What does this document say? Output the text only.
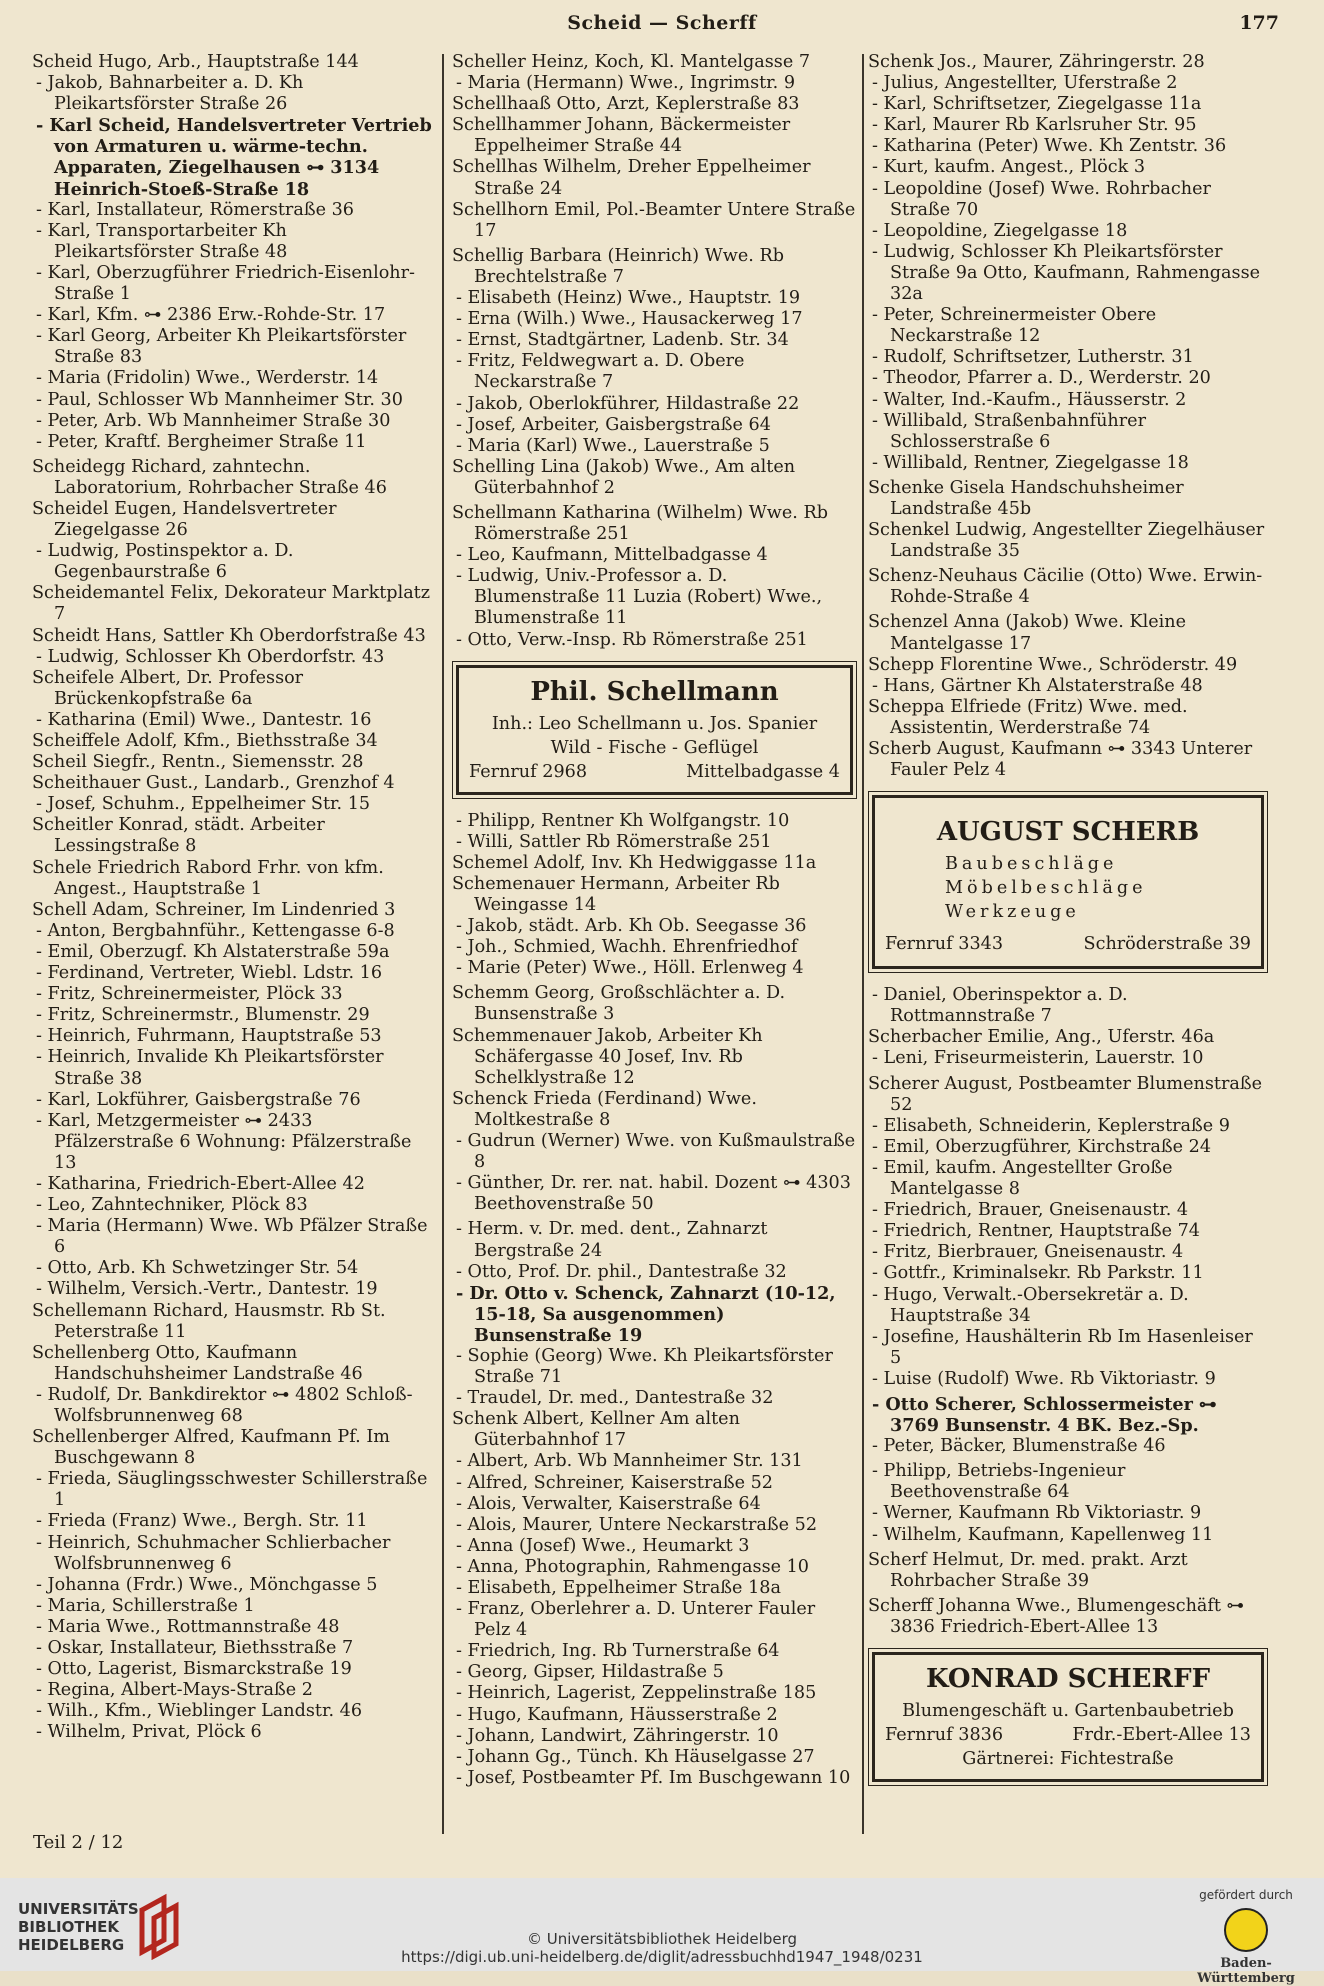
Scheid — Scherff	177

Scheid Hugo, Arb., Hauptstraße 144

- Jakob, Bahnarbeiter a. D. Kh Pleikartsförster Straße 26

- Karl Scheid, Handelsvertreter Vertrieb von Armaturen u. wärme-techn. Apparaten, Ziegelhausen ⊶ 3134 Heinrich-Stoeß-Straße 18

- Karl, Installateur, Römerstraße 36

- Karl, Transportarbeiter Kh Pleikartsförster Straße 48

- Karl, Oberzugführer Friedrich-Eisenlohr-Straße 1

- Karl, Kfm. ⊶ 2386 Erw.-Rohde-Str. 17

- Karl Georg, Arbeiter Kh Pleikartsförster Straße 83

- Maria (Fridolin) Wwe., Werderstr. 14

- Paul, Schlosser Wb Mannheimer Str. 30

- Peter, Arb. Wb Mannheimer Straße 30

- Peter, Kraftf. Bergheimer Straße 11

Scheidegg Richard, zahntechn. Laboratorium, Rohrbacher Straße 46

Scheidel Eugen, Handelsvertreter Ziegelgasse 26

- Ludwig, Postinspektor a. D. Gegenbaurstraße 6

Scheidemantel Felix, Dekorateur Marktplatz 7

Scheidt Hans, Sattler Kh Oberdorfstraße 43

- Ludwig, Schlosser Kh Oberdorfstr. 43

Scheifele Albert, Dr. Professor Brückenkopfstraße 6a

- Katharina (Emil) Wwe., Dantestr. 16

Scheiffele Adolf, Kfm., Biethsstraße 34

Scheil Siegfr., Rentn., Siemensstr. 28

Scheithauer Gust., Landarb., Grenzhof 4

- Josef, Schuhm., Eppelheimer Str. 15

Scheitler Konrad, städt. Arbeiter Lessingstraße 8

Schele Friedrich Rabord Frhr. von kfm. Angest., Hauptstraße 1

Schell Adam, Schreiner, Im Lindenried 3

- Anton, Bergbahnführ., Kettengasse 6-8

- Emil, Oberzugf. Kh Alstaterstraße 59a

- Ferdinand, Vertreter, Wiebl. Ldstr. 16

- Fritz, Schreinermeister, Plöck 33

- Fritz, Schreinermstr., Blumenstr. 29

- Heinrich, Fuhrmann, Hauptstraße 53

- Heinrich, Invalide Kh Pleikartsförster Straße 38

- Karl, Lokführer, Gaisbergstraße 76

- Karl, Metzgermeister ⊶ 2433 Pfälzerstraße 6 Wohnung: Pfälzerstraße 13

- Katharina, Friedrich-Ebert-Allee 42

- Leo, Zahntechniker, Plöck 83

- Maria (Hermann) Wwe. Wb Pfälzer Straße 6

- Otto, Arb. Kh Schwetzinger Str. 54

- Wilhelm, Versich.-Vertr., Dantestr. 19

Schellemann Richard, Hausmstr. Rb St. Peterstraße 11

Schellenberg Otto, Kaufmann Handschuhsheimer Landstraße 46

- Rudolf, Dr. Bankdirektor ⊶ 4802 Schloß-Wolfsbrunnenweg 68

Schellenberger Alfred, Kaufmann Pf. Im Buschgewann 8

- Frieda, Säuglingsschwester Schillerstraße 1

- Frieda (Franz) Wwe., Bergh. Str. 11

- Heinrich, Schuhmacher Schlierbacher Wolfsbrunnenweg 6

- Johanna (Frdr.) Wwe., Mönchgasse 5

- Maria, Schillerstraße 1

- Maria Wwe., Rottmannstraße 48

- Oskar, Installateur, Biethsstraße 7

- Otto, Lagerist, Bismarckstraße 19

- Regina, Albert-Mays-Straße 2

- Wilh., Kfm., Wieblinger Landstr. 46

- Wilhelm, Privat, Plöck 6

Scheller Heinz, Koch, Kl. Mantelgasse 7

- Maria (Hermann) Wwe., Ingrimstr. 9

Schellhaaß Otto, Arzt, Keplerstraße 83

Schellhammer Johann, Bäckermeister Eppelheimer Straße 44

Schellhas Wilhelm, Dreher Eppelheimer Straße 24

Schellhorn Emil, Pol.-Beamter Untere Straße 17

Schellig Barbara (Heinrich) Wwe. Rb Brechtelstraße 7

- Elisabeth (Heinz) Wwe., Hauptstr. 19

- Erna (Wilh.) Wwe., Hausackerweg 17

- Ernst, Stadtgärtner, Ladenb. Str. 34

- Fritz, Feldwegwart a. D. Obere Neckarstraße 7

- Jakob, Oberlokführer, Hildastraße 22

- Josef, Arbeiter, Gaisbergstraße 64

- Maria (Karl) Wwe., Lauerstraße 5

Schelling Lina (Jakob) Wwe., Am alten Güterbahnhof 2

Schellmann Katharina (Wilhelm) Wwe. Rb Römerstraße 251

- Leo, Kaufmann, Mittelbadgasse 4

- Ludwig, Univ.-Professor a. D. Blumenstraße 11 Luzia (Robert) Wwe., Blumenstraße 11

- Otto, Verw.-Insp. Rb Römerstraße 251

Phil. Schellmann
Inh.: Leo Schellmann u. Jos. Spanier
Wild - Fische - Geflügel
Fernruf 2968	Mittelbadgasse 4

- Philipp, Rentner Kh Wolfgangstr. 10

- Willi, Sattler Rb Römerstraße 251

Schemel Adolf, Inv. Kh Hedwiggasse 11a

Schemenauer Hermann, Arbeiter Rb Weingasse 14

- Jakob, städt. Arb. Kh Ob. Seegasse 36

- Joh., Schmied, Wachh. Ehrenfriedhof

- Marie (Peter) Wwe., Höll. Erlenweg 4

Schemm Georg, Großschlächter a. D. Bunsenstraße 3

Schemmenauer Jakob, Arbeiter Kh Schäfergasse 40 Josef, Inv. Rb Schelklystraße 12

Schenck Frieda (Ferdinand) Wwe. Moltkestraße 8

- Gudrun (Werner) Wwe. von Kußmaulstraße 8

- Günther, Dr. rer. nat. habil. Dozent ⊶ 4303 Beethovenstraße 50

- Herm. v. Dr. med. dent., Zahnarzt Bergstraße 24

- Otto, Prof. Dr. phil., Dantestraße 32

- Dr. Otto v. Schenck, Zahnarzt (10-12, 15-18, Sa ausgenommen) Bunsenstraße 19

- Sophie (Georg) Wwe. Kh Pleikartsförster Straße 71

- Traudel, Dr. med., Dantestraße 32

Schenk Albert, Kellner Am alten Güterbahnhof 17

- Albert, Arb. Wb Mannheimer Str. 131

- Alfred, Schreiner, Kaiserstraße 52

- Alois, Verwalter, Kaiserstraße 64

- Alois, Maurer, Untere Neckarstraße 52

- Anna (Josef) Wwe., Heumarkt 3

- Anna, Photographin, Rahmengasse 10

- Elisabeth, Eppelheimer Straße 18a

- Franz, Oberlehrer a. D. Unterer Fauler Pelz 4

- Friedrich, Ing. Rb Turnerstraße 64

- Georg, Gipser, Hildastraße 5

- Heinrich, Lagerist, Zeppelinstraße 185

- Hugo, Kaufmann, Häusserstraße 2

- Johann, Landwirt, Zähringerstr. 10

- Johann Gg., Tünch. Kh Häuselgasse 27

- Josef, Postbeamter Pf. Im Buschgewann 10

Schenk Jos., Maurer, Zähringerstr. 28

- Julius, Angestellter, Uferstraße 2

- Karl, Schriftsetzer, Ziegelgasse 11a

- Karl, Maurer Rb Karlsruher Str. 95

- Katharina (Peter) Wwe. Kh Zentstr. 36

- Kurt, kaufm. Angest., Plöck 3

- Leopoldine (Josef) Wwe. Rohrbacher Straße 70

- Leopoldine, Ziegelgasse 18

- Ludwig, Schlosser Kh Pleikartsförster Straße 9a Otto, Kaufmann, Rahmengasse 32a

- Peter, Schreinermeister Obere Neckarstraße 12

- Rudolf, Schriftsetzer, Lutherstr. 31

- Theodor, Pfarrer a. D., Werderstr. 20

- Walter, Ind.-Kaufm., Häusserstr. 2

- Willibald, Straßenbahnführer Schlosserstraße 6

- Willibald, Rentner, Ziegelgasse 18

Schenke Gisela Handschuhsheimer Landstraße 45b

Schenkel Ludwig, Angestellter Ziegelhäuser Landstraße 35

Schenz-Neuhaus Cäcilie (Otto) Wwe. Erwin-Rohde-Straße 4

Schenzel Anna (Jakob) Wwe. Kleine Mantelgasse 17

Schepp Florentine Wwe., Schröderstr. 49

- Hans, Gärtner Kh Alstaterstraße 48

Scheppa Elfriede (Fritz) Wwe. med. Assistentin, Werderstraße 74

Scherb August, Kaufmann ⊶ 3343 Unterer Fauler Pelz 4

AUGUST SCHERB
Baubeschläge
Möbelbeschläge
Werkzeuge
Fernruf 3343	Schröderstraße 39

- Daniel, Oberinspektor a. D. Rottmannstraße 7

Scherbacher Emilie, Ang., Uferstr. 46a

- Leni, Friseurmeisterin, Lauerstr. 10

Scherer August, Postbeamter Blumenstraße 52

- Elisabeth, Schneiderin, Keplerstraße 9

- Emil, Oberzugführer, Kirchstraße 24

- Emil, kaufm. Angestellter Große Mantelgasse 8

- Friedrich, Brauer, Gneisenaustr. 4

- Friedrich, Rentner, Hauptstraße 74

- Fritz, Bierbrauer, Gneisenaustr. 4

- Gottfr., Kriminalsekr. Rb Parkstr. 11

- Hugo, Verwalt.-Obersekretär a. D. Hauptstraße 34

- Josefine, Haushälterin Rb Im Hasenleiser 5

- Luise (Rudolf) Wwe. Rb Viktoriastr. 9

- Otto Scherer, Schlossermeister ⊶ 3769 Bunsenstr. 4 BK. Bez.-Sp.

- Peter, Bäcker, Blumenstraße 46

- Philipp, Betriebs-Ingenieur Beethovenstraße 64

- Werner, Kaufmann Rb Viktoriastr. 9

- Wilhelm, Kaufmann, Kapellenweg 11

Scherf Helmut, Dr. med. prakt. Arzt Rohrbacher Straße 39

Scherff Johanna Wwe., Blumengeschäft ⊶ 3836 Friedrich-Ebert-Allee 13

KONRAD SCHERFF
Blumengeschäft u. Gartenbaubetrieb
Fernruf 3836	Frdr.-Ebert-Allee 13
Gärtnerei: Fichtestraße
Teil 2 / 12
UNIVERSITÄTS- BIBLIOTHEK HEIDELBERG	© Universitätsbibliothek Heidelberg
https://digi.ub.uni-heidelberg.de/diglit/adressbuchhd1947_1948/0231
gefördert durch
Baden-Württemberg
